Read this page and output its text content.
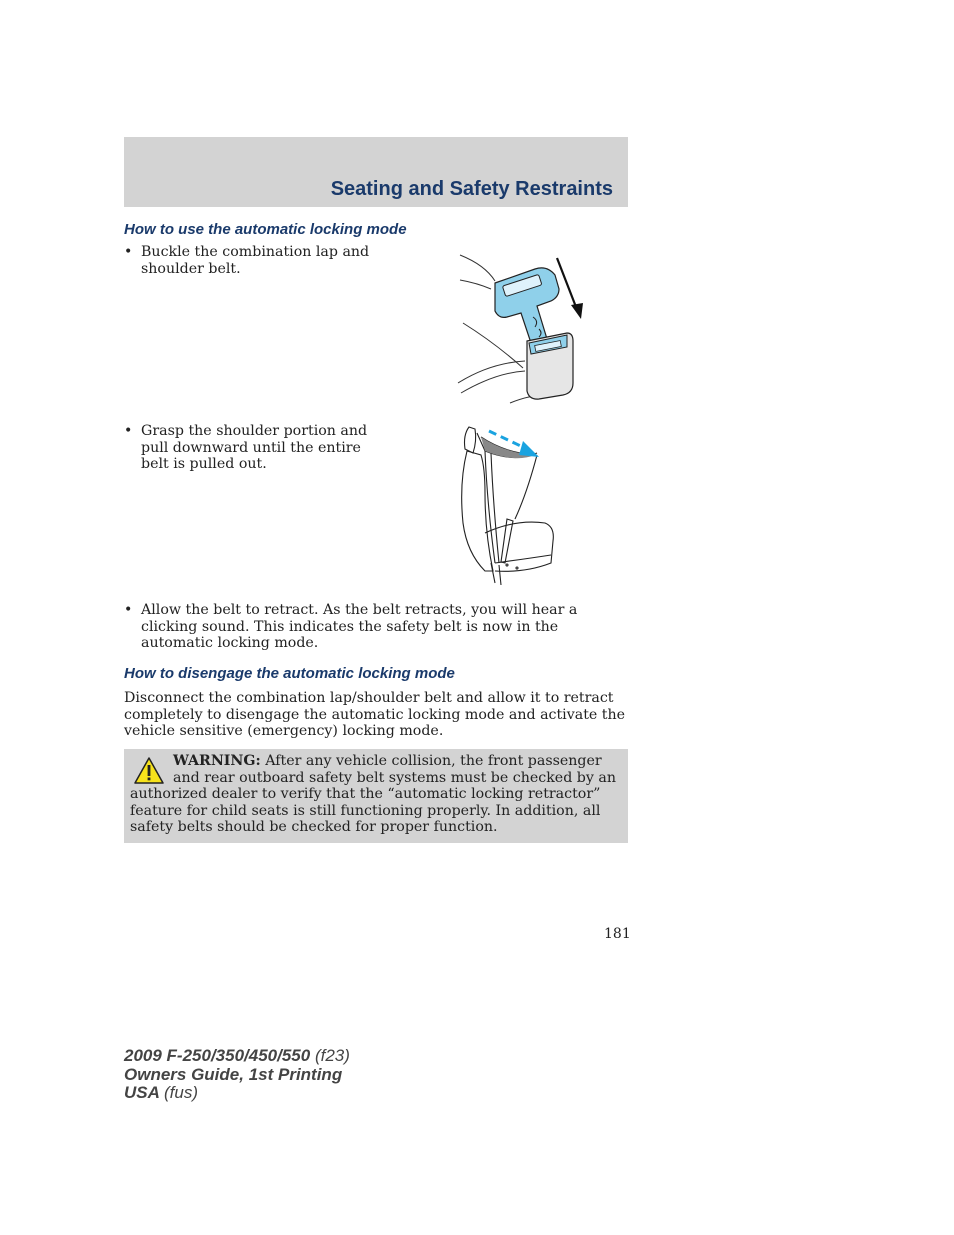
Seating and Safety Restraints
How to use the automatic locking mode
• Buckle the combination lap and shoulder belt.
• Grasp the shoulder portion and pull downward until the entire belt is pulled out.
• Allow the belt to retract. As the belt retracts, you will hear a clicking sound. This indicates the safety belt is now in the automatic locking mode.
How to disengage the automatic locking mode
Disconnect the combination lap/shoulder belt and allow it to retract completely to disengage the automatic locking mode and activate the vehicle sensitive (emergency) locking mode.
WARNING: After any vehicle collision, the front passenger and rear outboard safety belt systems must be checked by an authorized dealer to verify that the “automatic locking retractor” feature for child seats is still functioning properly. In addition, all safety belts should be checked for proper function.
181
2009 F-250/350/450/550 (f23)
Owners Guide, 1st Printing
USA (fus)
